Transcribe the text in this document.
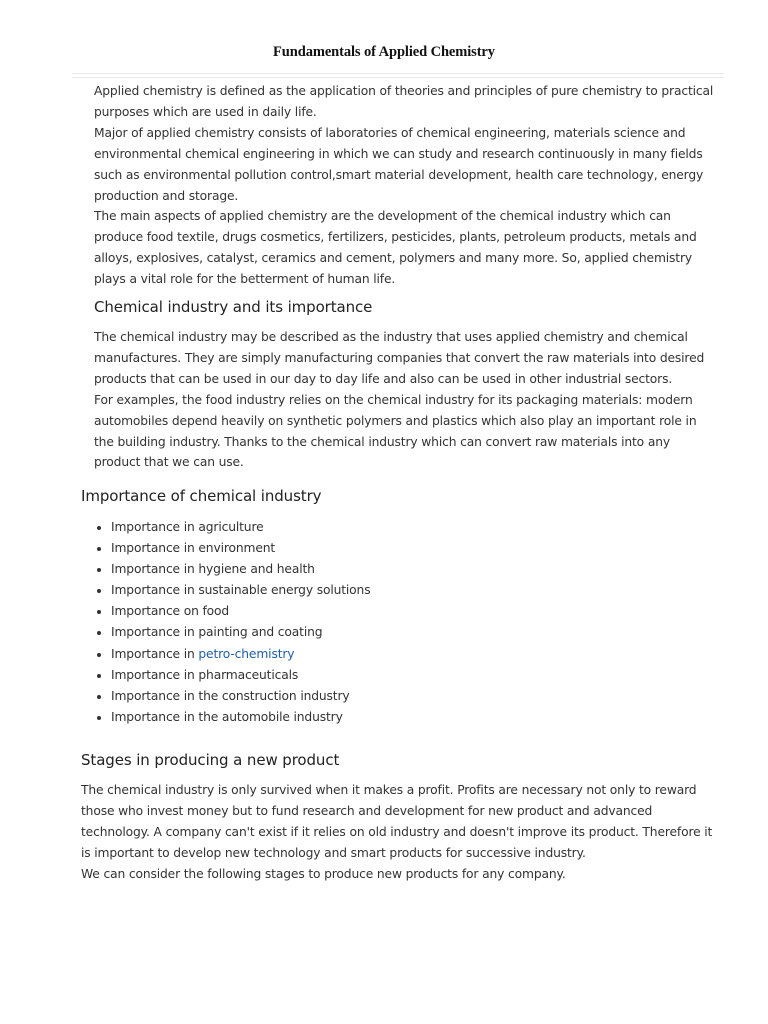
Fundamentals of Applied Chemistry

Applied chemistry is defined as the application of theories and principles of pure chemistry to practical purposes which are used in daily life.

Major of applied chemistry consists of laboratories of chemical engineering, materials science and environmental chemical engineering in which we can study and research continuously in many fields such as environmental pollution control,smart material development, health care technology, energy production and storage.

The main aspects of applied chemistry are the development of the chemical industry which can produce food textile, drugs cosmetics, fertilizers, pesticides, plants, petroleum products, metals and alloys, explosives, catalyst, ceramics and cement, polymers and many more. So, applied chemistry plays a vital role for the betterment of human life.

Chemical industry and its importance

The chemical industry may be described as the industry that uses applied chemistry and chemical manufactures. They are simply manufacturing companies that convert the raw materials into desired products that can be used in our day to day life and also can be used in other industrial sectors.

For examples, the food industry relies on the chemical industry for its packaging materials: modern automobiles depend heavily on synthetic polymers and plastics which also play an important role in the building industry. Thanks to the chemical industry which can convert raw materials into any product that we can use.

Importance of chemical industry
• Importance in agriculture
• Importance in environment
• Importance in hygiene and health
• Importance in sustainable energy solutions
• Importance on food
• Importance in painting and coating
• Importance in petro-chemistry
• Importance in pharmaceuticals
• Importance in the construction industry
• Importance in the automobile industry
Stages in producing a new product

The chemical industry is only survived when it makes a profit. Profits are necessary not only to reward those who invest money but to fund research and development for new product and advanced technology. A company can't exist if it relies on old industry and doesn't improve its product. Therefore it is important to develop new technology and smart products for successive industry.

We can consider the following stages to produce new products for any company.
